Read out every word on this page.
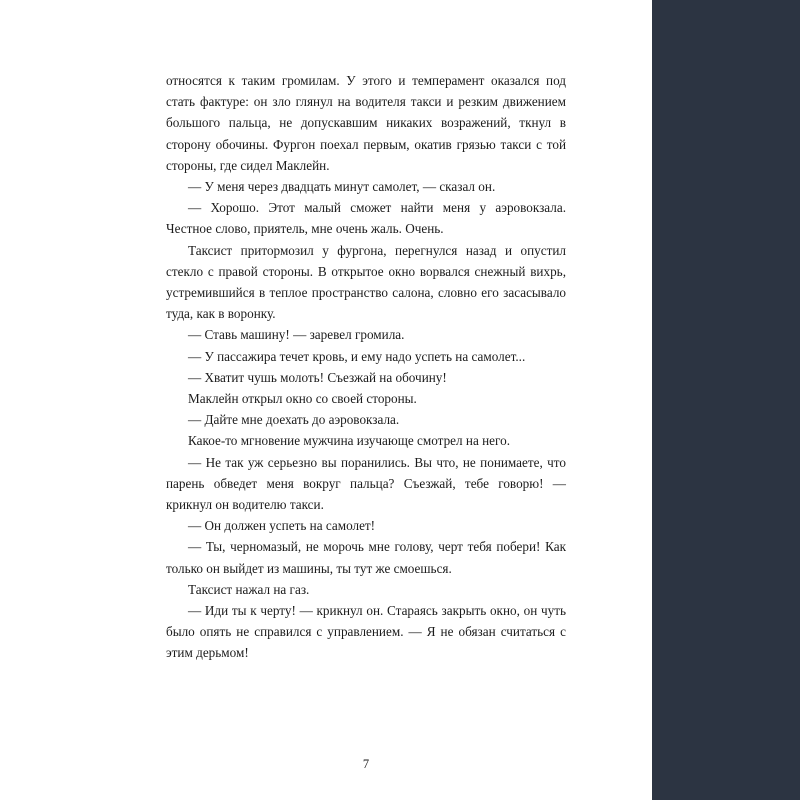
относятся к таким громилам. У этого и темперамент оказался под стать фактуре: он зло глянул на водителя такси и резким движением большого пальца, не допускавшим никаких возражений, ткнул в сторону обочины. Фургон поехал первым, окатив грязью такси с той стороны, где сидел Маклейн.

— У меня через двадцать минут самолет, — сказал он.

— Хорошо. Этот малый сможет найти меня у аэровокзала. Честное слово, приятель, мне очень жаль. Очень.

Таксист притормозил у фургона, перегнулся назад и опустил стекло с правой стороны. В открытое окно ворвался снежный вихрь, устремившийся в теплое пространство салона, словно его засасывало туда, как в воронку.

— Ставь машину! — заревел громила.

— У пассажира течет кровь, и ему надо успеть на самолет...

— Хватит чушь молоть! Съезжай на обочину!

Маклейн открыл окно со своей стороны.

— Дайте мне доехать до аэровокзала.

Какое-то мгновение мужчина изучающе смотрел на него.

— Не так уж серьезно вы поранились. Вы что, не понимаете, что парень обведет меня вокруг пальца? Съезжай, тебе говорю! — крикнул он водителю такси.

— Он должен успеть на самолет!

— Ты, черномазый, не морочь мне голову, черт тебя побери! Как только он выйдет из машины, ты тут же смоешься.

Таксист нажал на газ.

— Иди ты к черту! — крикнул он. Стараясь закрыть окно, он чуть было опять не справился с управлением. — Я не обязан считаться с этим дерьмом!

7
